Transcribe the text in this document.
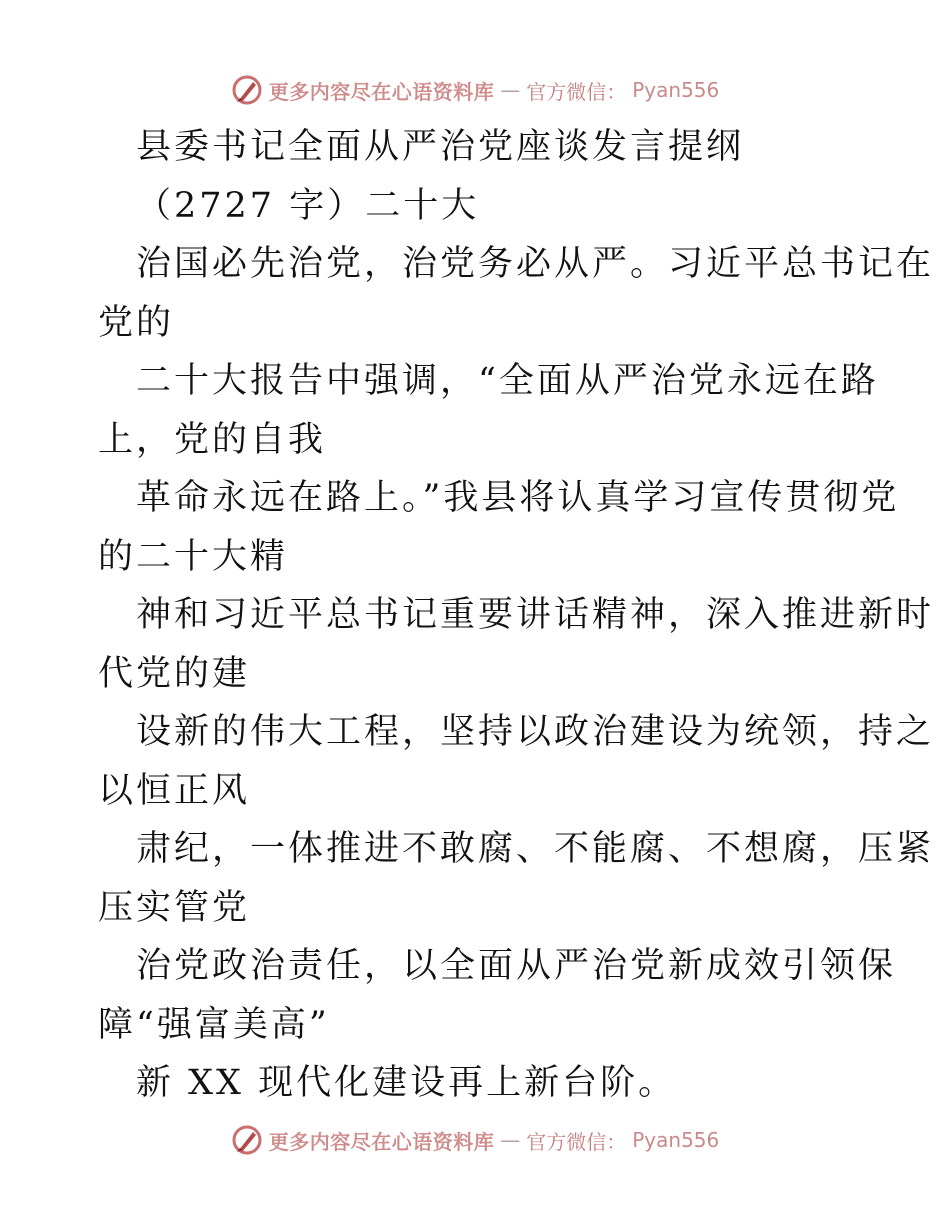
更多内容尽在心语资料库 — 官方微信： Pyan556
县委书记全面从严治党座谈发言提纲
（2727 字）二十大
治国必先治党，治党务必从严。习近平总书记在
党的
二十大报告中强调，“全面从严治党永远在路
上，党的自我
革命永远在路上。”我县将认真学习宣传贯彻党
的二十大精
神和习近平总书记重要讲话精神，深入推进新时
代党的建
设新的伟大工程，坚持以政治建设为统领，持之
以恒正风
肃纪，一体推进不敢腐、不能腐、不想腐，压紧
压实管党
治党政治责任，以全面从严治党新成效引领保
障“强富美高”
新 XX 现代化建设再上新台阶。
更多内容尽在心语资料库 — 官方微信： Pyan556
